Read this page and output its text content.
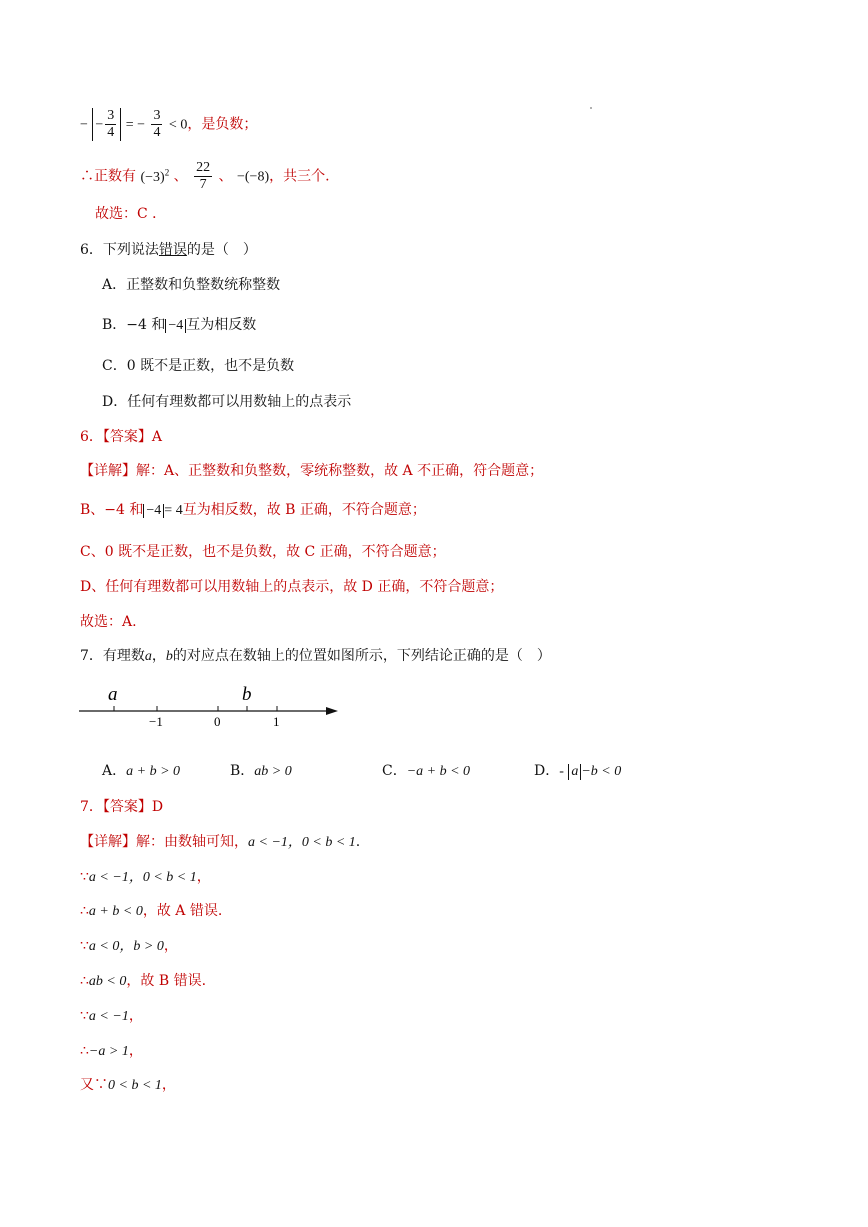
− − $\frac{3}{4}$ = − $\frac{3}{4} < 0$，是负数；
∴正数有 $(-3)^2$ 、 $\frac{22}{7}$ 、 −(−8)，共三个.
故选：C ．
6．下列说法错误的是（　）
A．正整数和负整数统称整数
B．−4 和 −4 互为相反数
C．0 既不是正数，也不是负数
D．任何有理数都可以用数轴上的点表示
6．【答案】A
【详解】解：A、正整数和负整数，零统称整数，故 A 不正确，符合题意；
B、−4 和 −4 = 4互为相反数，故 B 正确，不符合题意；
C、0 既不是正数，也不是负数，故 C 正确，不符合题意；
D、任何有理数都可以用数轴上的点表示，故 D 正确，不符合题意；
故选：A.
7．有理数a，b的对应点在数轴上的位置如图所示，下列结论正确的是（　）
a	b
−1	0	1
A．a + b > 0	B．ab > 0	C．−a + b < 0	D．- a −b < 0
7．【答案】D
【详解】解：由数轴可知，a < −1，0 < b < 1.
∵a < −1，0 < b < 1，
∴a + b < 0，故 A 错误.
∵a < 0，b > 0，
∴ab < 0，故 B 错误.
∵a < −1，
∴−a > 1，
又∵0 < b < 1，
